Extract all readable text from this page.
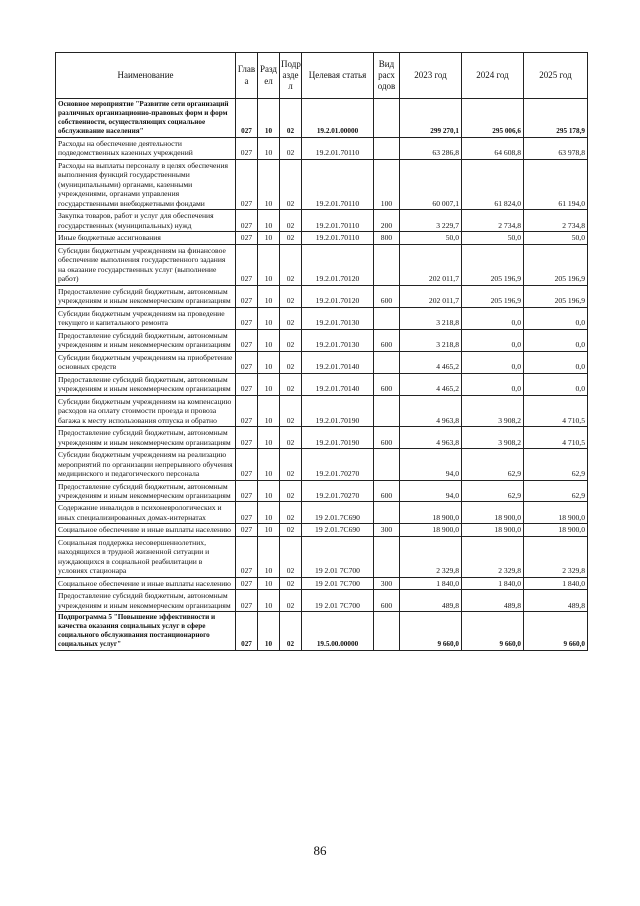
Наименование	Глав а	Разд ел	Подр азде л	Целевая статья	Вид расх одов	2023 год	2024 год	2025 год
Основное мероприятие "Развитие сети организаций различных организационно-правовых форм и форм собственности, осуществляющих социальное обслуживание населения"	027	10	02	19.2.01.00000		299 270,1	295 006,6	295 178,9
Расходы на обеспечение деятельности подведомственных казенных учреждений	027	10	02	19.2.01.70110		63 286,8	64 608,8	63 978,8
Расходы на выплаты персоналу в целях обеспечения выполнения функций государственными (муниципальными) органами, казенными учреждениями, органами управления государственными внебюджетными фондами	027	10	02	19.2.01.70110	100	60 007,1	61 824,0	61 194,0
Закупка товаров, работ и услуг для обеспечения государственных (муниципальных) нужд	027	10	02	19.2.01.70110	200	3 229,7	2 734,8	2 734,8
Иные бюджетные ассигнования	027	10	02	19.2.01.70110	800	50,0	50,0	50,0
Субсидии бюджетным учреждениям на финансовое обеспечение выполнения государственного задания на оказание государственных услуг (выполнение работ)	027	10	02	19.2.01.70120		202 011,7	205 196,9	205 196,9
Предоставление субсидий бюджетным, автономным учреждениям и иным некоммерческим организациям	027	10	02	19.2.01.70120	600	202 011,7	205 196,9	205 196,9
Субсидии бюджетным учреждениям на проведение текущего и капитального ремонта	027	10	02	19.2.01.70130		3 218,8	0,0	0,0
Предоставление субсидий бюджетным, автономным учреждениям и иным некоммерческим организациям	027	10	02	19.2.01.70130	600	3 218,8	0,0	0,0
Субсидии бюджетным учреждениям на приобретение основных средств	027	10	02	19.2.01.70140		4 465,2	0,0	0,0
Предоставление субсидий бюджетным, автономным учреждениям и иным некоммерческим организациям	027	10	02	19.2.01.70140	600	4 465,2	0,0	0,0
Субсидии бюджетным учреждениям на компенсацию расходов на оплату стоимости проезда и провоза багажа к месту использования отпуска и обратно	027	10	02	19.2.01.70190		4 963,8	3 908,2	4 710,5
Предоставление субсидий бюджетным, автономным учреждениям и иным некоммерческим организациям	027	10	02	19.2.01.70190	600	4 963,8	3 908,2	4 710,5
Субсидии бюджетным учреждениям на реализацию мероприятий по организации непрерывного обучения медицинского и педагогического персонала	027	10	02	19.2.01.70270		94,0	62,9	62,9
Предоставление субсидий бюджетным, автономным учреждениям и иным некоммерческим организациям	027	10	02	19.2.01.70270	600	94,0	62,9	62,9
Содержание инвалидов в психоневрологических и иных специализированных домах-интернатах	027	10	02	19 2.01.7С690		18 900,0	18 900,0	18 900,0
Социальное обеспечение и иные выплаты населению	027	10	02	19 2.01.7С690	300	18 900,0	18 900,0	18 900,0
Социальная поддержка несовершеннолетних, находящихся в трудной жизненной ситуации и нуждающихся в социальной реабилитации в условиях стационара	027	10	02	19 2.01 7С700		2 329,8	2 329,8	2 329,8
Социальное обеспечение и иные выплаты населению	027	10	02	19 2.01 7С700	300	1 840,0	1 840,0	1 840,0
Предоставление субсидий бюджетным, автономным учреждениям и иным некоммерческим организациям	027	10	02	19 2.01 7С700	600	489,8	489,8	489,8
Подпрограмма 5 "Повышение эффективности и качества оказания социальных услуг в сфере социального обслуживания постанционарного социальных услуг"	027	10	02	19.5.00.00000		9 660,0	9 660,0	9 660,0
86
